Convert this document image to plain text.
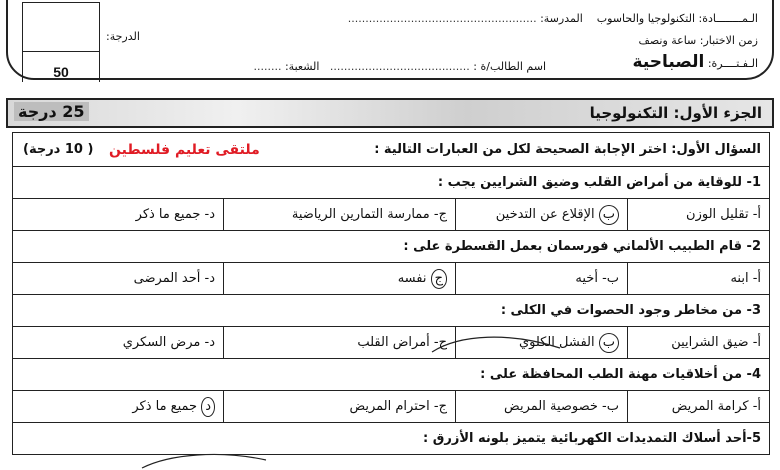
الـمــــــــادة: التكنولوجيا والحاسوب    المدرسة: ......................................................
زمن الاختبار: ساعة ونصف
الـفـتــــرة: الصباحية
اسم الطالب/ة : ........................................   الشعبة: ........
الدرجة:
50
الجزء الأول: التكنولوجيا
25 درجة
السؤال الأول: اختر الإجابة الصحيحة لكل من العبارات التالية :
ملتقى تعليم فلسطين
( 10 درجة)
1- للوقاية من أمراض القلب وضيق الشرايين يجب :
أ- تقليل الوزن
ب الإقلاع عن التدخين
ج- ممارسة التمارين الرياضية
د- جميع ما ذكر
2- قام الطبيب الألماني فورسمان بعمل القسطرة على :
أ- ابنه
ب- أخيه
ج نفسه
د- أحد المرضى
3- من مخاطر وجود الحصوات في الكلى :
أ- ضيق الشرايين
ب الفشل الكلوي
ج- أمراض القلب
د- مرض السكري
4- من أخلاقيات مهنة الطب المحافظة على :
أ- كرامة المريض
ب- خصوصية المريض
ج- احترام المريض
د جميع ما ذكر
5-أحد أسلاك التمديدات الكهربائية يتميز بلونه الأزرق :
